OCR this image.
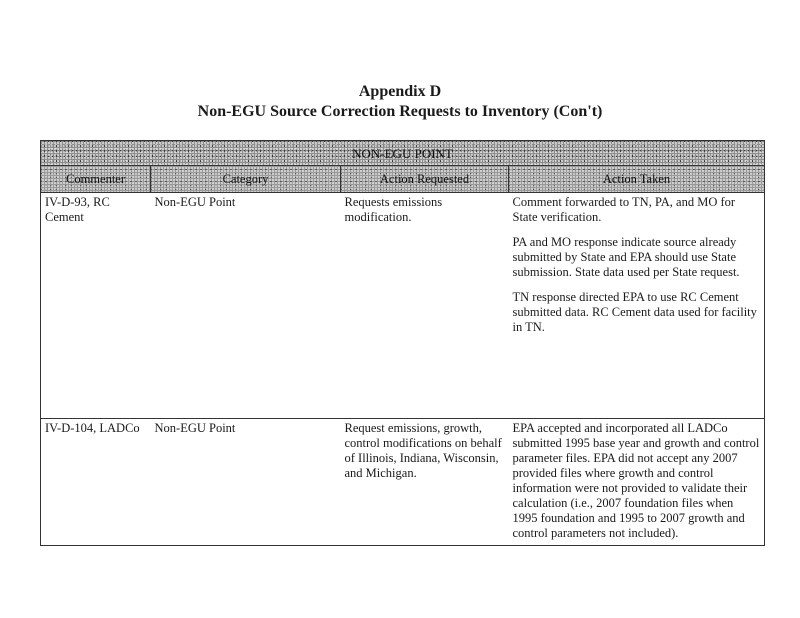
Appendix D
Non-EGU Source Correction Requests to Inventory (Con't)
NON-EGU POINT			
Commenter	Category	Action Requested	Action Taken
IV-D-93, RC Cement	Non-EGU Point	Requests emissions modification.	Comment forwarded to TN, PA, and MO for State verification.

PA and MO response indicate source already submitted by State and EPA should use State submission. State data used per State request.

TN response directed EPA to use RC Cement submitted data. RC Cement data used for facility in TN.

IV-D-104, LADCo	Non-EGU Point	Request emissions, growth, control modifications on behalf of Illinois, Indiana, Wisconsin, and Michigan.	EPA accepted and incorporated all LADCo submitted 1995 base year and growth and control parameter files. EPA did not accept any 2007 provided files where growth and control information were not provided to validate their calculation (i.e., 2007 foundation files when 1995 foundation and 1995 to 2007 growth and control parameters not included).
